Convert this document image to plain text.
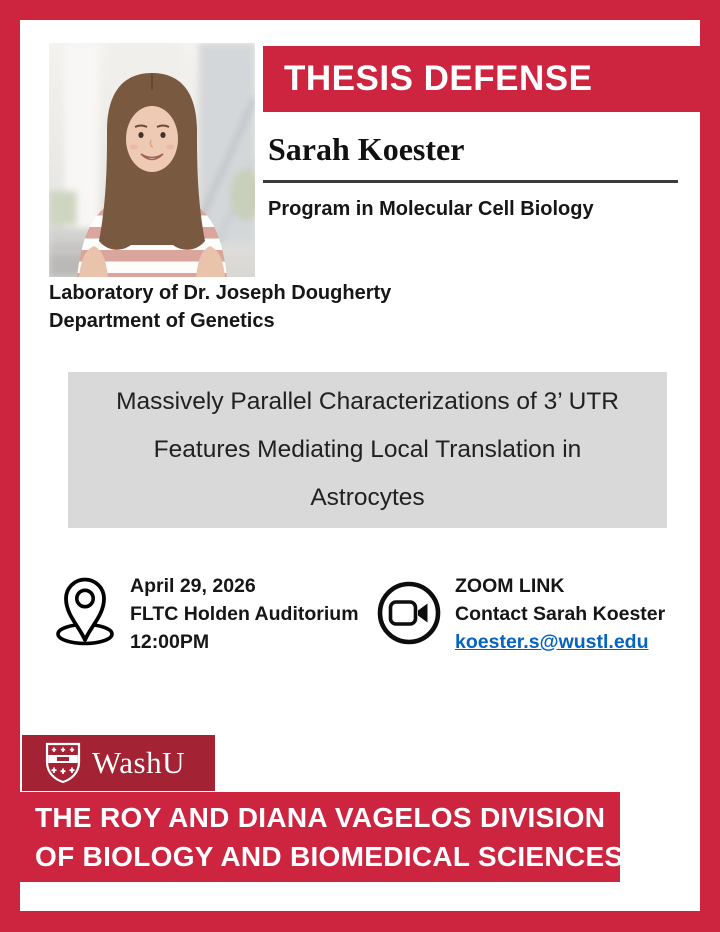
THESIS DEFENSE
Sarah Koester
Program in Molecular Cell Biology
Laboratory of Dr. Joseph Dougherty
Department of Genetics
Massively Parallel Characterizations of 3’ UTR
Features Mediating Local Translation in
Astrocytes
April 29, 2026
FLTC Holden Auditorium
12:00PM
ZOOM LINK
Contact Sarah Koester
koester.s@wustl.edu
WashU
THE ROY AND DIANA VAGELOS DIVISION
OF BIOLOGY AND BIOMEDICAL SCIENCES
